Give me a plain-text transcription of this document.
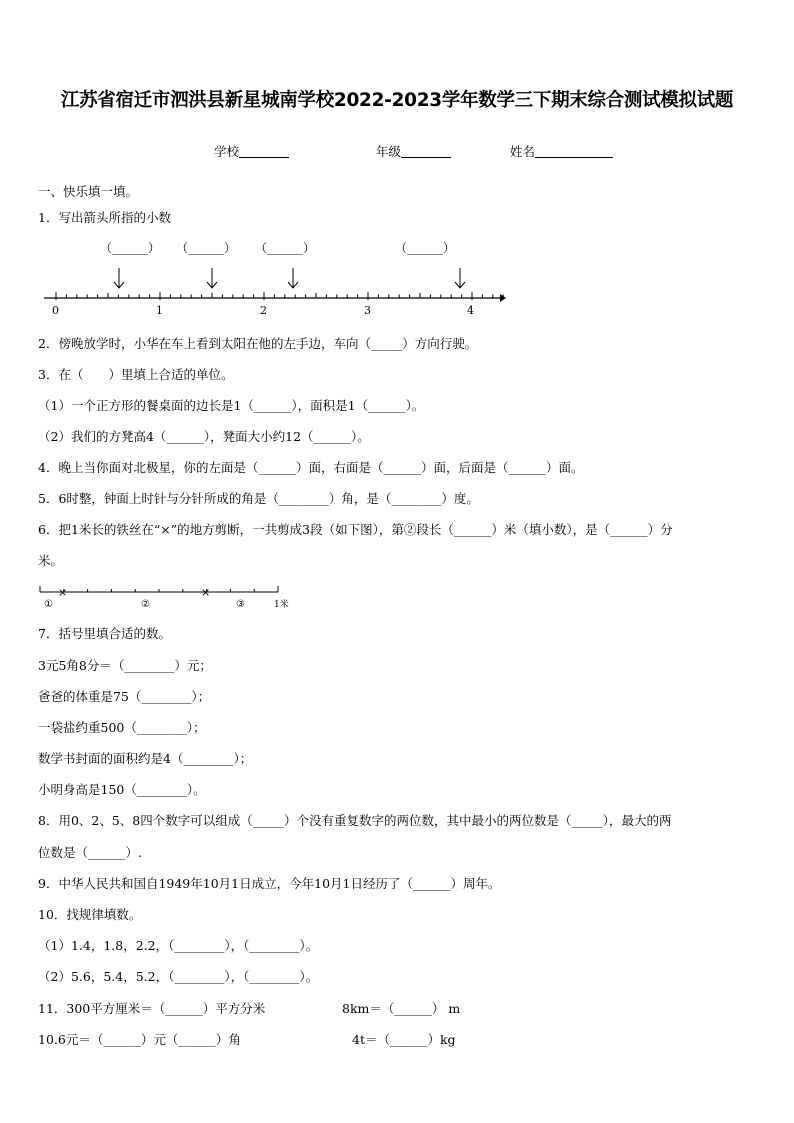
江苏省宿迁市泗洪县新星城南学校2022-2023学年数学三下期末综合测试模拟试题
学校	年级	姓名
一、快乐填一填。
1．写出箭头所指的小数
（______） （______） （______）	（______）
0	1	2	3	4
2．傍晚放学时，小华在车上看到太阳在他的左手边，车向（_____）方向行驶。
3．在（　　）里填上合适的单位。
（1）一个正方形的餐桌面的边长是1（______），面积是1（______）。
（2）我们的方凳高4（______），凳面大小约12（______）。
4．晚上当你面对北极星，你的左面是（______）面，右面是（______）面，后面是（______）面。
5．6时整，钟面上时针与分针所成的角是（________）角，是（________）度。
6．把1米长的铁丝在“×”的地方剪断，一共剪成3段（如下图），第②段长（______）米（填小数），是（______）分
米。
×	×
①	②	③	1米
7．括号里填合适的数。
3元5角8分＝（________）元；
爸爸的体重是75（________）；
一袋盐约重500（________）；
数学书封面的面积约是4（________）；
小明身高是150（________）。
8．用0、2、5、8四个数字可以组成（_____）个没有重复数字的两位数，其中最小的两位数是（_____），最大的两
位数是（______）.
9．中华人民共和国自1949年10月1日成立，今年10月1日经历了（______）周年。
10．找规律填数。
（1）1.4，1.8，2.2，（________），（________）。
（2）5.6，5.4，5.2，（________），（________）。
11．300平方厘米＝（______）平方分米	8km＝（______） m
10.6元＝（______）元（______）角	4t＝（______）kg
